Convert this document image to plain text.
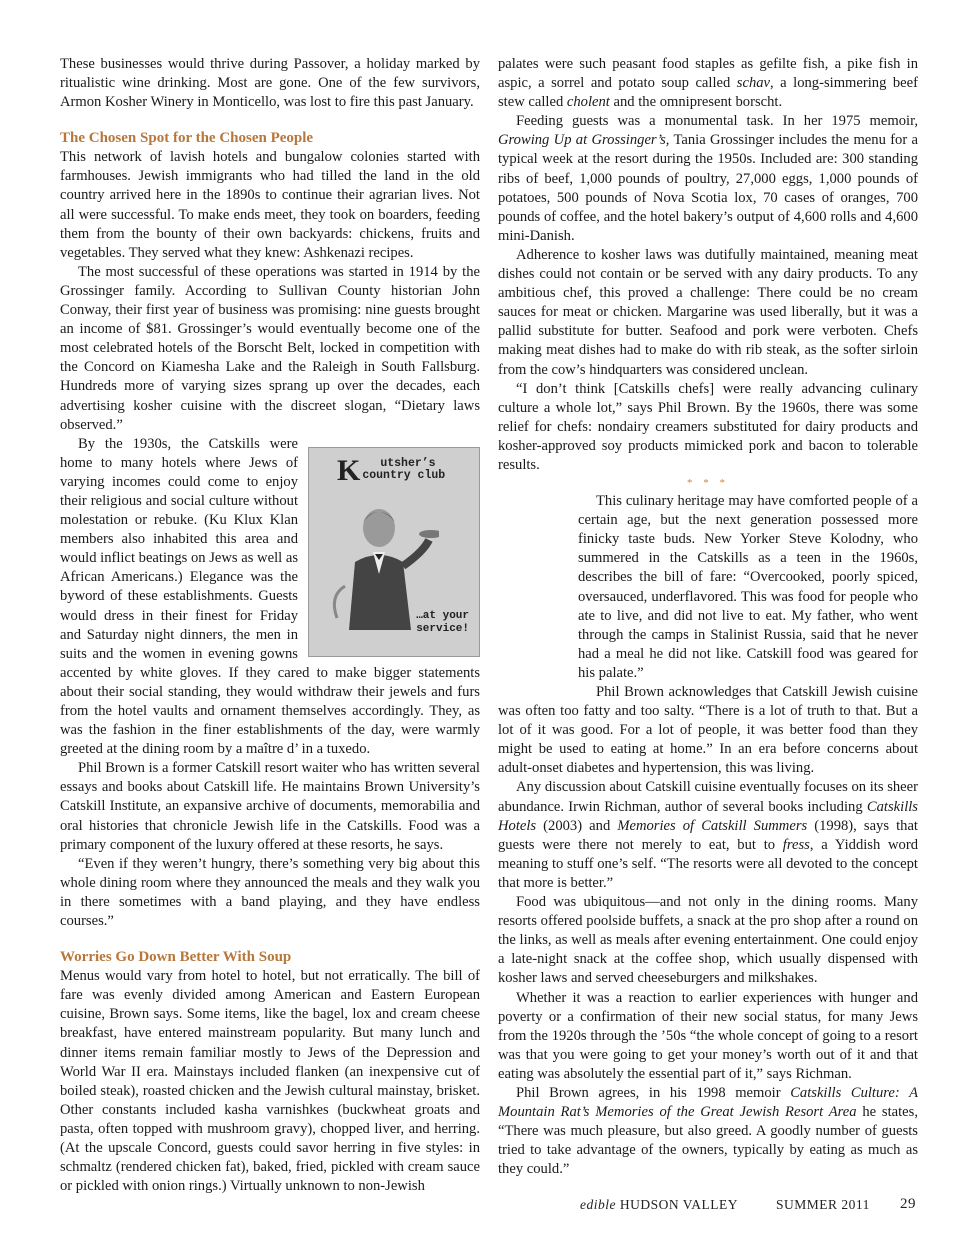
These businesses would thrive during Passover, a holiday marked by ritualistic wine drinking. Most are gone. One of the few survivors, Armon Kosher Winery in Monticello, was lost to fire this past January.

The Chosen Spot for the Chosen People

This network of lavish hotels and bungalow colonies started with farmhouses. Jewish immigrants who had tilled the land in the old country arrived here in the 1890s to continue their agrarian lives. Not all were successful. To make ends meet, they took on boarders, feeding them from the bounty of their own backyards: chickens, fruits and vegetables. They served what they knew: Ashkenazi recipes.

The most successful of these operations was started in 1914 by the Grossinger family. According to Sullivan County historian John Conway, their first year of business was promising: nine guests brought an income of $81. Grossinger’s would eventually become one of the most celebrated hotels of the Borscht Belt, locked in competition with the Concord on Kiamesha Lake and the Raleigh in South Fallsburg. Hundreds more of varying sizes sprang up over the decades, each advertising kosher cuisine with the discreet slogan, “Dietary laws observed.”

K utsher’s
country club
…at your
service!
By the 1930s, the Catskills were home to many hotels where Jews of varying incomes could come to enjoy their religious and social culture without molestation or rebuke. (Ku Klux Klan members also inhabited this area and would inflict beatings on Jews as well as African Americans.) Elegance was the byword of these establishments. Guests would dress in their finest for Friday and Saturday night dinners, the men in suits and the women in evening gowns accented by white gloves. If they cared to make bigger statements about their social standing, they would withdraw their jewels and furs from the hotel vaults and ornament themselves accordingly. They, as was the fashion in the finer establishments of the day, were warmly greeted at the dining room by a maître d’ in a tuxedo.

Phil Brown is a former Catskill resort waiter who has written several essays and books about Catskill life. He maintains Brown University’s Catskill Institute, an expansive archive of documents, memorabilia and oral histories that chronicle Jewish life in the Catskills. Food was a primary component of the luxury offered at these resorts, he says.

“Even if they weren’t hungry, there’s something very big about this whole dining room where they announced the meals and they walk you in there sometimes with a band playing, and they have endless courses.”

Worries Go Down Better With Soup

Menus would vary from hotel to hotel, but not erratically. The bill of fare was evenly divided among American and Eastern European cuisine, Brown says. Some items, like the bagel, lox and cream cheese breakfast, have entered mainstream popularity. But many lunch and dinner items remain familiar mostly to Jews of the Depression and World War II era. Mainstays included flanken (an inexpensive cut of boiled steak), roasted chicken and the Jewish cultural mainstay, brisket. Other constants included kasha varnishkes (buckwheat groats and pasta, often topped with mushroom gravy), chopped liver, and herring. (At the upscale Concord, guests could savor herring in five styles: in schmaltz (rendered chicken fat), baked, fried, pickled with cream sauce or pickled with onion rings.) Virtually unknown to non-Jewish

palates were such peasant food staples as gefilte fish, a pike fish in aspic, a sorrel and potato soup called schav, a long-simmering beef stew called cholent and the omnipresent borscht.

Feeding guests was a monumental task. In her 1975 memoir, Growing Up at Grossinger’s, Tania Grossinger includes the menu for a typical week at the resort during the 1950s. Included are: 300 standing ribs of beef, 1,000 pounds of poultry, 27,000 eggs, 1,000 pounds of potatoes, 500 pounds of Nova Scotia lox, 70 cases of oranges, 700 pounds of coffee, and the hotel bakery’s output of 4,600 rolls and 4,600 mini-Danish.

Adherence to kosher laws was dutifully maintained, meaning meat dishes could not contain or be served with any dairy products. To any ambitious chef, this proved a challenge: There could be no cream sauces for meat or chicken. Margarine was used liberally, but it was a pallid substitute for butter. Seafood and pork were verboten. Chefs making meat dishes had to make do with rib steak, as the softer sirloin from the cow’s hindquarters was considered unclean.

“I don’t think [Catskills chefs] were really advancing culinary culture a whole lot,” says Phil Brown. By the 1960s, there was some relief for chefs: nondairy creamers substituted for dairy products and kosher-approved soy products mimicked pork and bacon to tolerable results.

* * *

This culinary heritage may have comforted people of a certain age, but the next generation possessed more finicky taste buds. New Yorker Steve Kolodny, who summered in the Catskills as a teen in the 1960s, describes the bill of fare: “Overcooked, poorly spiced, oversauced, underflavored. This was food for people who ate to live, and did not live to eat. My father, who went through the camps in Stalinist Russia, said that he never had a meal he did not like. Catskill food was geared for his palate.”

Phil Brown acknowledges that Catskill Jewish cuisine was often too fatty and too salty. “There is a lot of truth to that. But a lot of it was good. For a lot of people, it was better food than they might be used to eating at home.” In an era before concerns about adult-onset diabetes and hypertension, this was living.

Any discussion about Catskill cuisine eventually focuses on its sheer abundance. Irwin Richman, author of several books including Catskills Hotels (2003) and Memories of Catskill Summers (1998), says that guests were there not merely to eat, but to fress, a Yiddish word meaning to stuff one’s self. “The resorts were all devoted to the concept that more is better.”

Food was ubiquitous—and not only in the dining rooms. Many resorts offered poolside buffets, a snack at the pro shop after a round on the links, as well as meals after evening entertainment. One could enjoy a late-night snack at the coffee shop, which usually dispensed with kosher laws and served cheeseburgers and milkshakes.

Whether it was a reaction to earlier experiences with hunger and poverty or a confirmation of their new social status, for many Jews from the 1920s through the ’50s “the whole concept of going to a resort was that you were going to get your money’s worth out of it and that eating was absolutely the essential part of it,” says Richman.

Phil Brown agrees, in his 1998 memoir Catskills Culture: A Mountain Rat’s Memories of the Great Jewish Resort Area he states, “There was much pleasure, but also greed. A goodly number of guests tried to take advantage of the owners, typically by eating as much as they could.”

edible HUDSON VALLEY	SUMMER 2011 29
